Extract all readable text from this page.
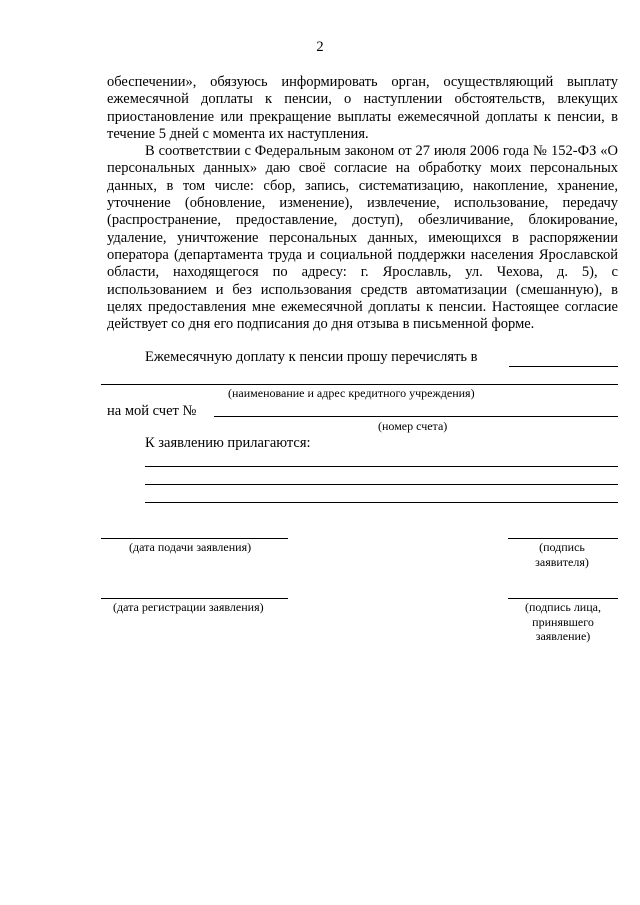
2

обеспечении», обязуюсь информировать орган, осуществляющий выплату ежемесячной доплаты к пенсии, о наступлении обстоятельств, влекущих приостановление или прекращение выплаты ежемесячной доплаты к пенсии, в течение 5 дней с момента их наступления.

В соответствии с Федеральным законом от 27 июля 2006 года № 152-ФЗ «О персональных данных» даю своё согласие на обработку моих персональных данных, в том числе: сбор, запись, систематизацию, накопление, хранение, уточнение (обновление, изменение), извлечение, использование, передачу (распространение, предоставление, доступ), обезличивание, блокирование, удаление, уничтожение персональных данных, имеющихся в распоряжении оператора (департамента труда и социальной поддержки населения Ярославской области, находящегося по адресу: г. Ярославль, ул. Чехова, д. 5), с использованием и без использования средств автоматизации (смешанную), в целях предоставления мне ежемесячной доплаты к пенсии. Настоящее согласие действует со дня его подписания до дня отзыва в письменной форме.

Ежемесячную доплату к пенсии прошу перечислять в
(наименование и адрес кредитного учреждения)
на мой счет №
(номер счета)
К заявлению прилагаются:
(дата подачи заявления)	(подпись заявителя)
(дата регистрации заявления)	(подпись лица, принявшего заявление)
